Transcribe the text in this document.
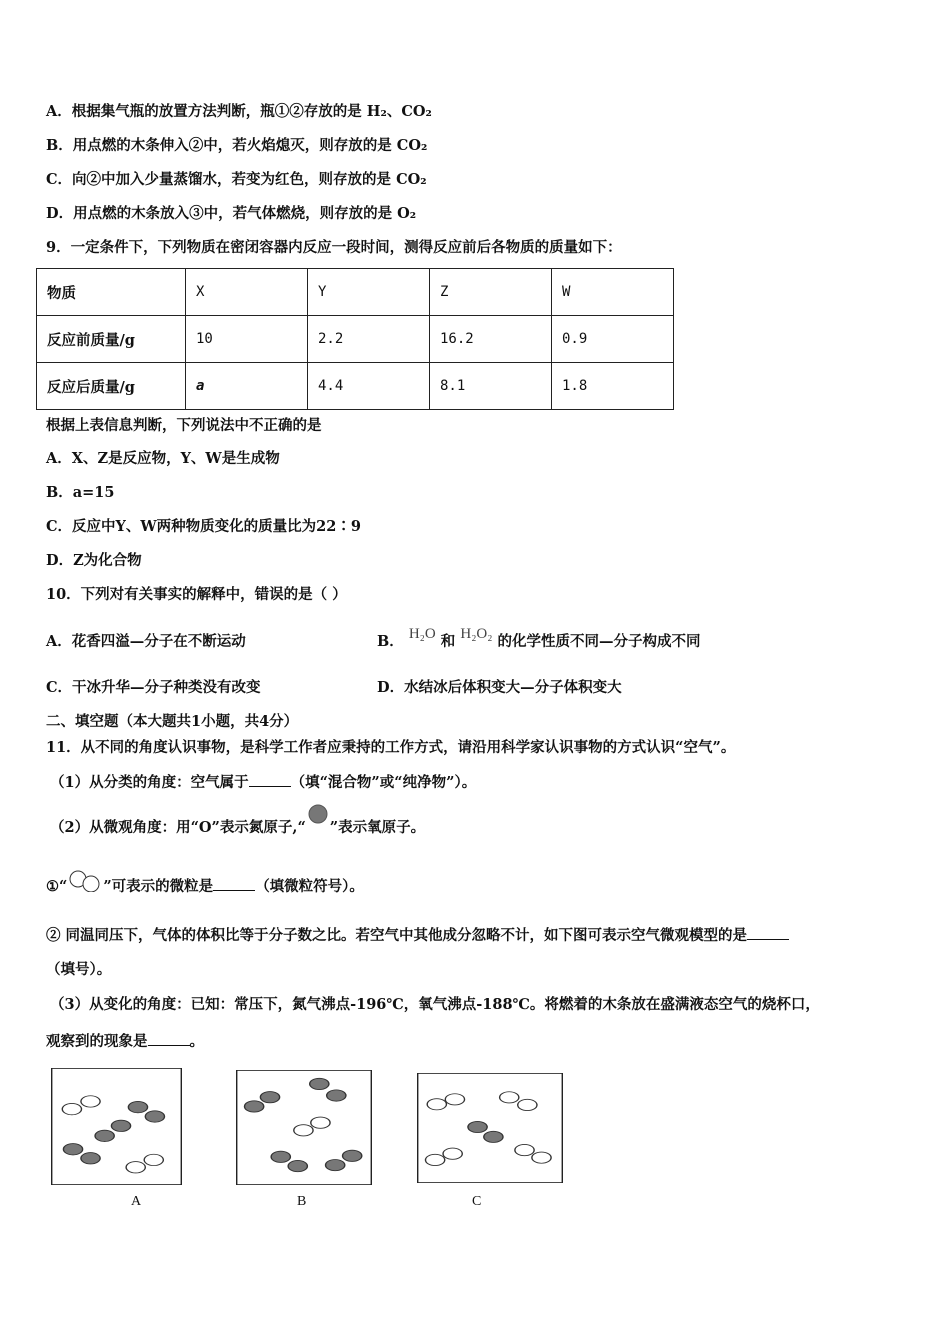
A．根据集气瓶的放置方法判断，瓶①②存放的是 H₂、CO₂
B．用点燃的木条伸入②中，若火焰熄灭，则存放的是 CO₂
C．向②中加入少量蒸馏水，若变为红色，则存放的是 CO₂
D．用点燃的木条放入③中，若气体燃烧，则存放的是 O₂
9．一定条件下，下列物质在密闭容器内反应一段时间，测得反应前后各物质的质量如下：
物质	X	Y	Z	W
反应前质量/g	10	2.2	16.2	0.9
反应后质量/g	a	4.4	8.1	1.8
根据上表信息判断，下列说法中不正确的是
A．X、Z是反应物，Y、W是生成物
B．a=15
C．反应中Y、W两种物质变化的质量比为22∶9
D．Z为化合物
10．下列对有关事实的解释中，错误的是（ ）
A．花香四溢—分子在不断运动	B． H₂O 和 H₂O₂ 的化学性质不同—分子构成不同
C．干冰升华—分子种类没有改变	D．水结冰后体积变大—分子体积变大
二、填空题（本大题共1小题，共4分）
11．从不同的角度认识事物，是科学工作者应秉持的工作方式，请沿用科学家认识事物的方式认识“空气”。
（1）从分类的角度：空气属于	（填“混合物”或“纯净物”）。
（2）从微观角度：用“O”表示氮原子,“ ”表示氧原子。
①“ ”可表示的微粒是	（填微粒符号）。
② 同温同压下，气体的体积比等于分子数之比。若空气中其他成分忽略不计，如下图可表示空气微观模型的是
（填号）。
（3）从变化的角度：已知：常压下，氮气沸点-196℃，氧气沸点-188℃。将燃着的木条放在盛满液态空气的烧杯口，
观察到的现象是	。
A	B	C
